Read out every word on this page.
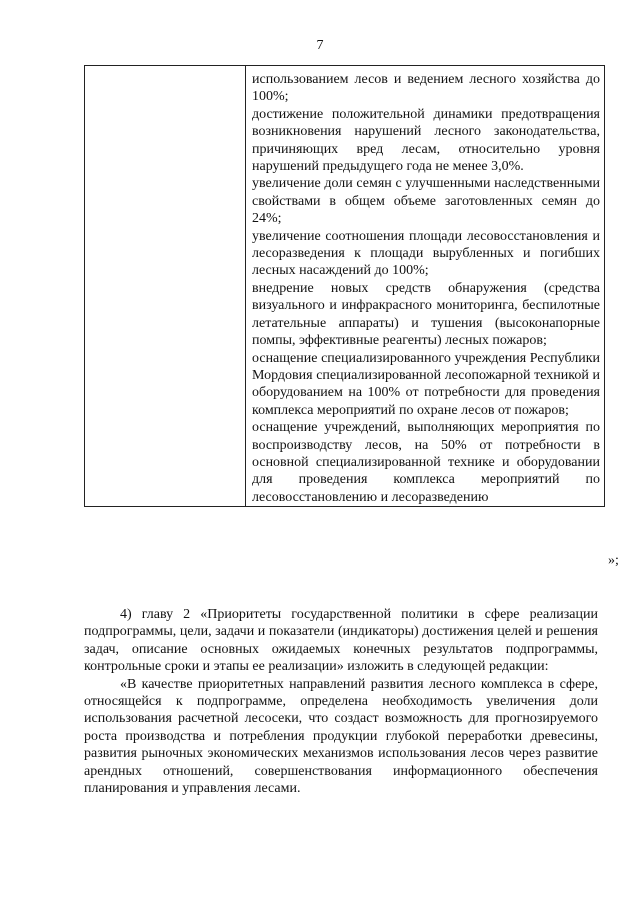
7

использованием лесов и ведением лесного хозяйства до 100%;
достижение положительной динамики предотвращения возникновения нарушений лесного законодательства, причиняющих вред лесам, относительно уровня нарушений предыдущего года не менее 3,0%.
увеличение доли семян с улучшенными наследственными свойствами в общем объеме заготовленных семян до 24%;
увеличение соотношения площади лесовосстановления и лесоразведения к площади вырубленных и погибших лесных насаждений до 100%;
внедрение новых средств обнаружения (средства визуального и инфракрасного мониторинга, беспилотные летательные аппараты) и тушения (высоконапорные помпы, эффективные реагенты) лесных пожаров;
оснащение специализированного учреждения Республики Мордовия специализированной лесопожарной техникой и оборудованием на 100% от потребности для проведения комплекса мероприятий по охране лесов от пожаров;
оснащение учреждений, выполняющих мероприятия по воспроизводству лесов, на 50% от потребности в основной специализированной технике и оборудовании для проведения комплекса мероприятий по лесовосстановлению и лесоразведению
»;

4) главу 2 «Приоритеты государственной политики в сфере реализации подпрограммы, цели, задачи и показатели (индикаторы) достижения целей и решения задач, описание основных ожидаемых конечных результатов подпрограммы, контрольные сроки и этапы ее реализации» изложить в следующей редакции:

«В качестве приоритетных направлений развития лесного комплекса в сфере, относящейся к подпрограмме, определена необходимость увеличения доли использования расчетной лесосеки, что создаст возможность для прогнозируемого роста производства и потребления продукции глубокой переработки древесины, развития рыночных экономических механизмов использования лесов через развитие арендных отношений, совершенствования информационного обеспечения планирования и управления лесами.
